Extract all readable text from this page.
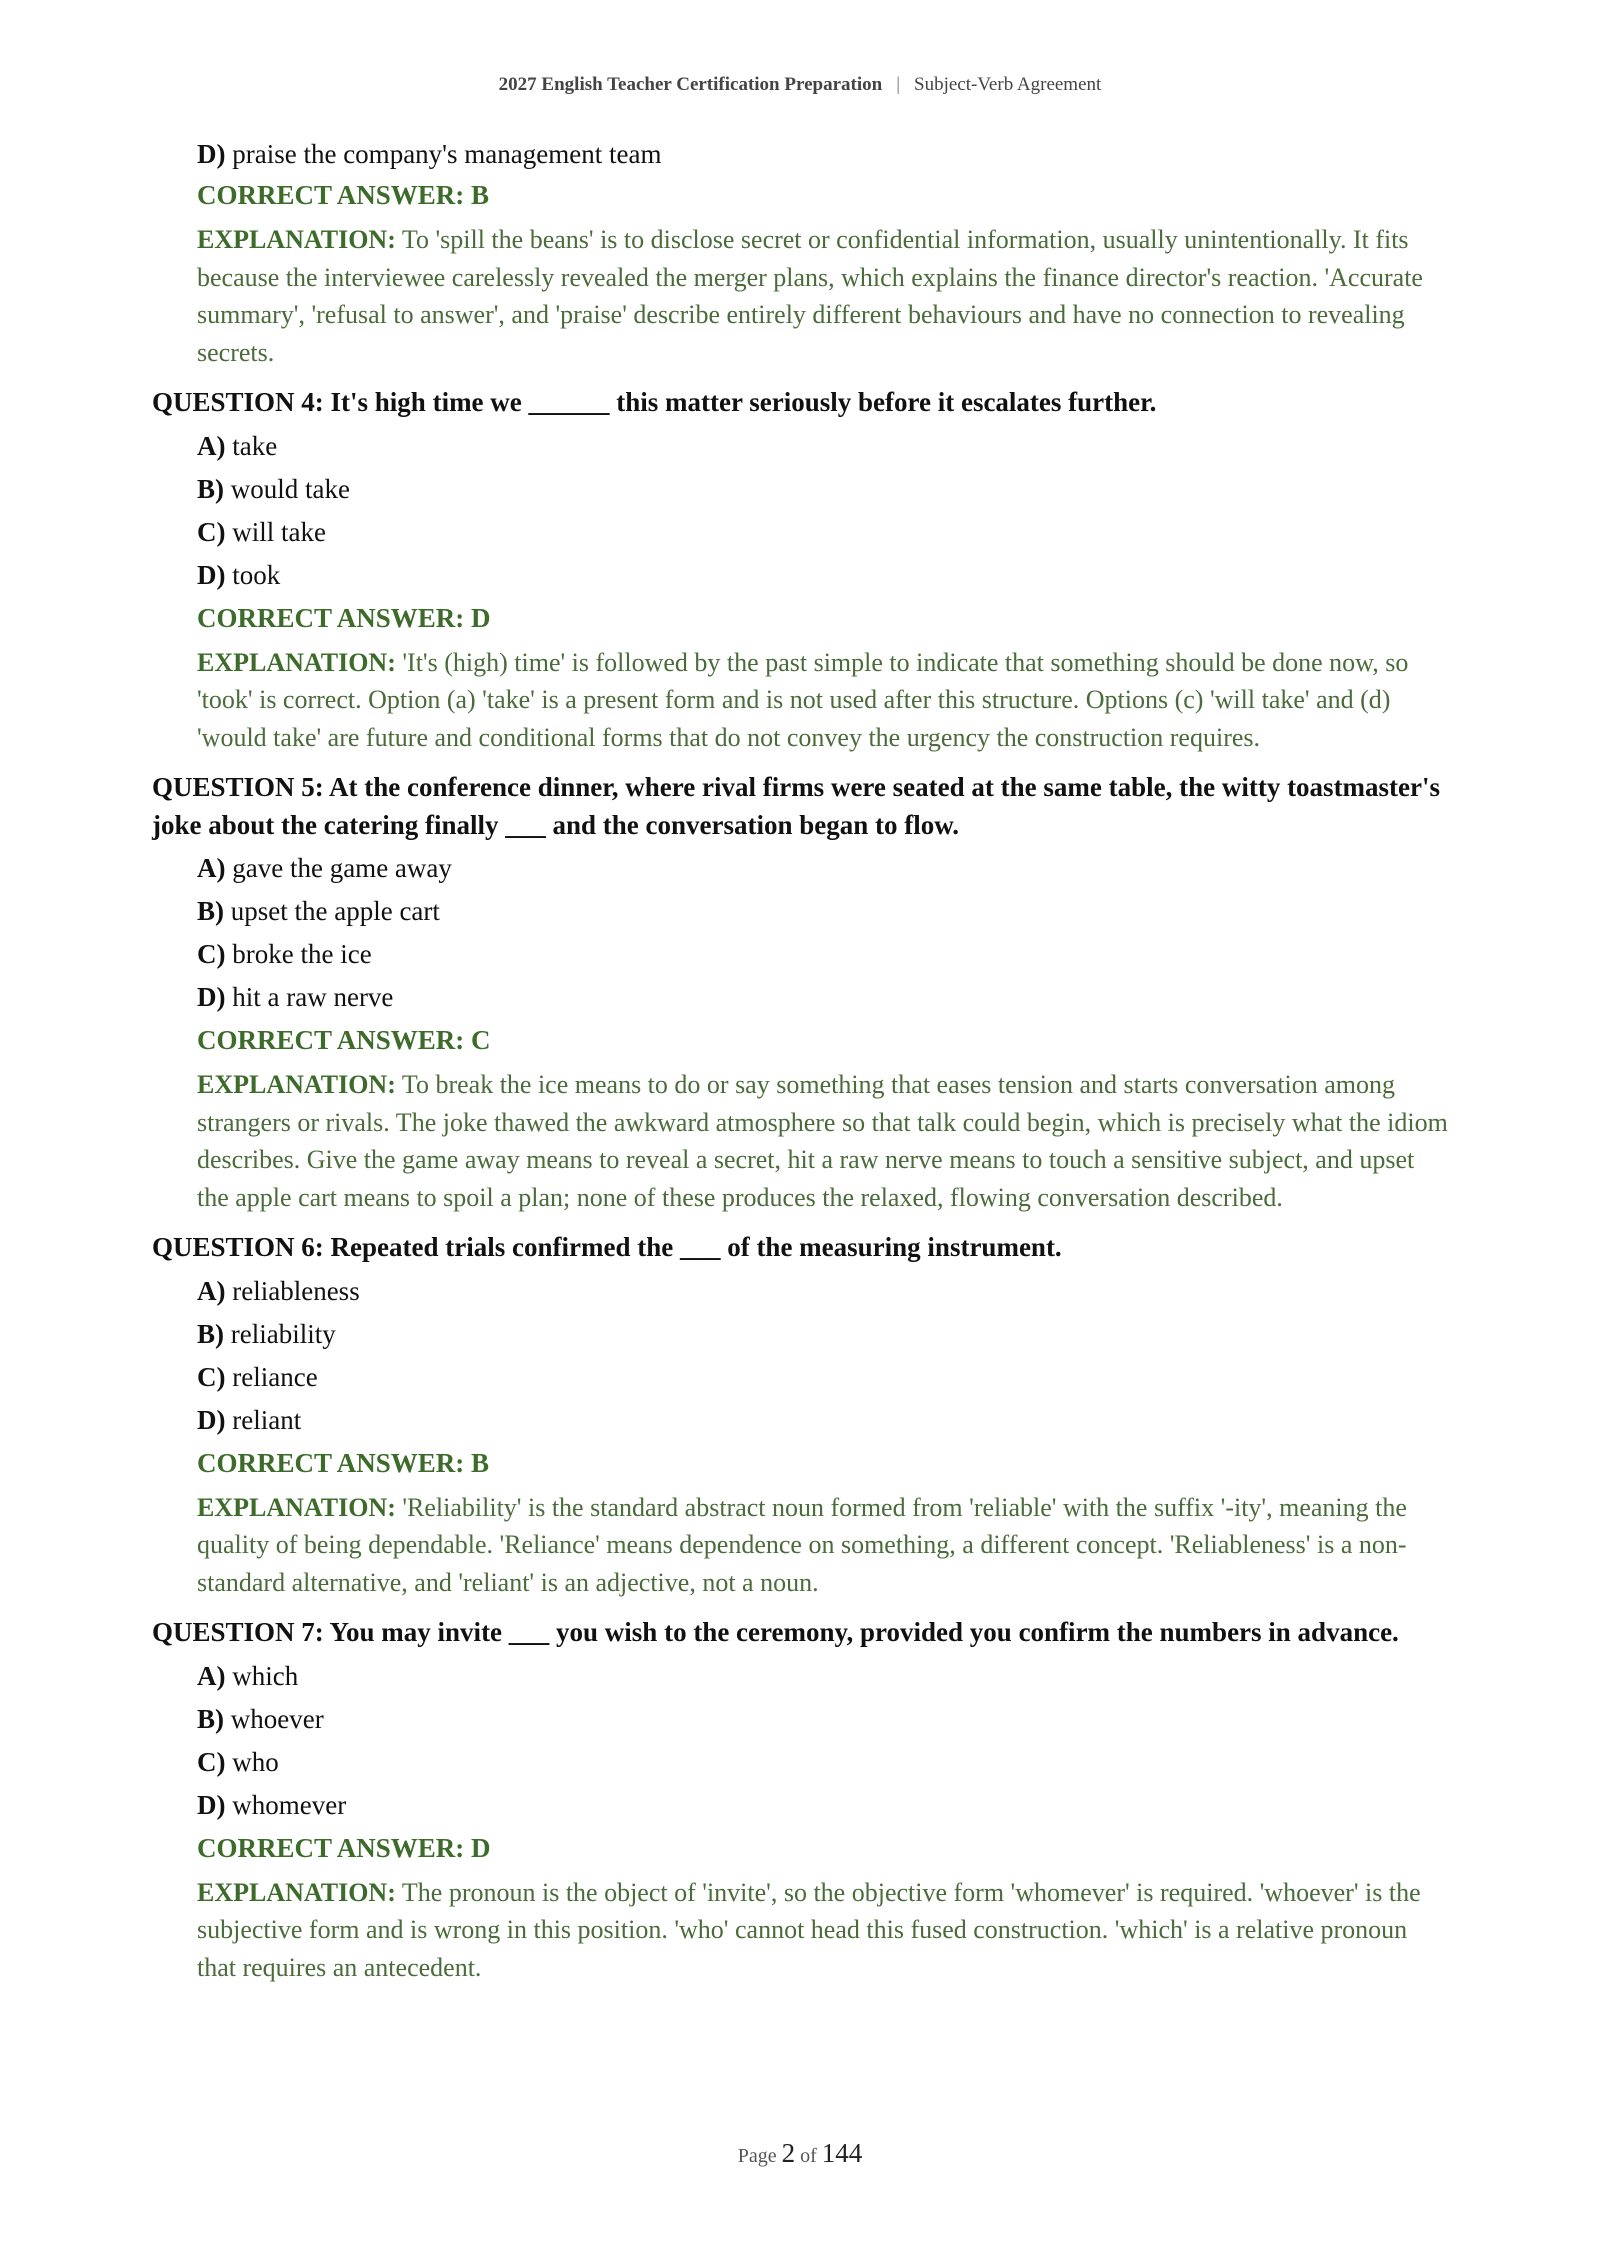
2027 English Teacher Certification Preparation | Subject-Verb Agreement
D) praise the company's management team
CORRECT ANSWER: B
EXPLANATION: To 'spill the beans' is to disclose secret or confidential information, usually unintentionally. It fits because the interviewee carelessly revealed the merger plans, which explains the finance director's reaction. 'Accurate summary', 'refusal to answer', and 'praise' describe entirely different behaviours and have no connection to revealing secrets.
QUESTION 4: It's high time we ______ this matter seriously before it escalates further.
A) take
B) would take
C) will take
D) took
CORRECT ANSWER: D
EXPLANATION: 'It's (high) time' is followed by the past simple to indicate that something should be done now, so 'took' is correct. Option (a) 'take' is a present form and is not used after this structure. Options (c) 'will take' and (d) 'would take' are future and conditional forms that do not convey the urgency the construction requires.
QUESTION 5: At the conference dinner, where rival firms were seated at the same table, the witty toastmaster's joke about the catering finally ___ and the conversation began to flow.
A) gave the game away
B) upset the apple cart
C) broke the ice
D) hit a raw nerve
CORRECT ANSWER: C
EXPLANATION: To break the ice means to do or say something that eases tension and starts conversation among strangers or rivals. The joke thawed the awkward atmosphere so that talk could begin, which is precisely what the idiom describes. Give the game away means to reveal a secret, hit a raw nerve means to touch a sensitive subject, and upset the apple cart means to spoil a plan; none of these produces the relaxed, flowing conversation described.
QUESTION 6: Repeated trials confirmed the ___ of the measuring instrument.
A) reliableness
B) reliability
C) reliance
D) reliant
CORRECT ANSWER: B
EXPLANATION: 'Reliability' is the standard abstract noun formed from 'reliable' with the suffix '-ity', meaning the quality of being dependable. 'Reliance' means dependence on something, a different concept. 'Reliableness' is a non-standard alternative, and 'reliant' is an adjective, not a noun.
QUESTION 7: You may invite ___ you wish to the ceremony, provided you confirm the numbers in advance.
A) which
B) whoever
C) who
D) whomever
CORRECT ANSWER: D
EXPLANATION: The pronoun is the object of 'invite', so the objective form 'whomever' is required. 'whoever' is the subjective form and is wrong in this position. 'who' cannot head this fused construction. 'which' is a relative pronoun that requires an antecedent.
Page 2 of 144
